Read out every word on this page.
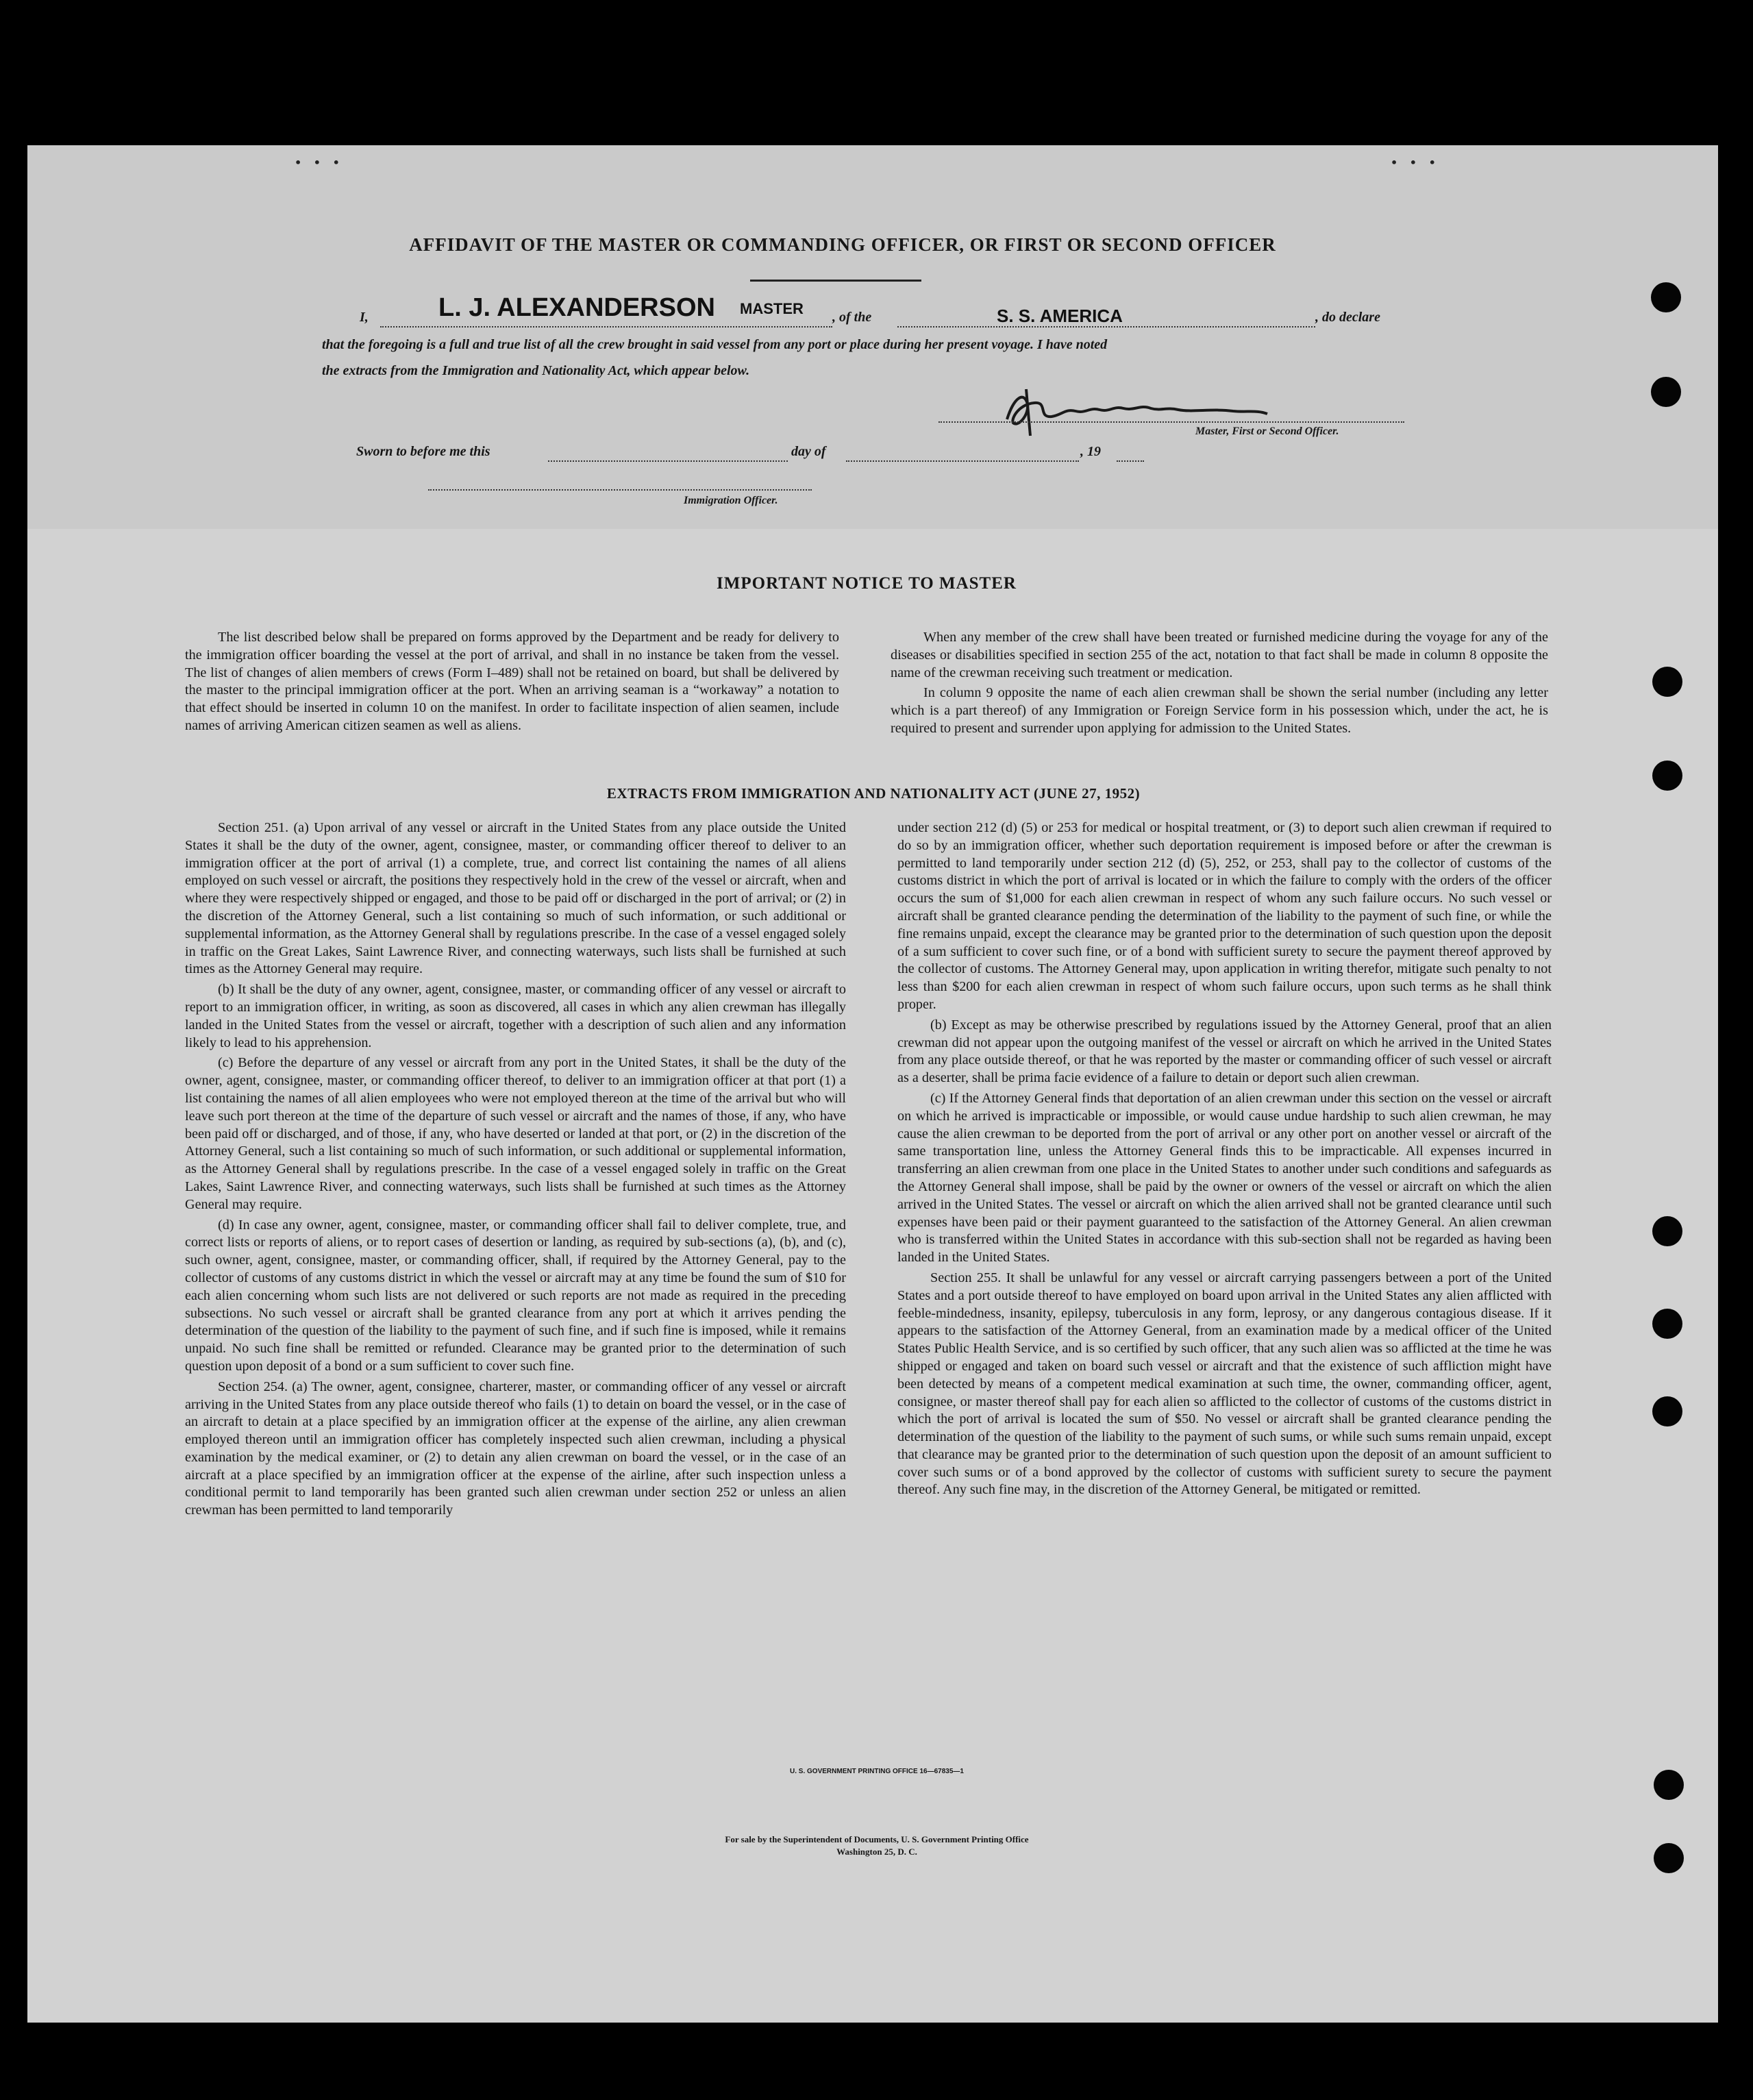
• • •	• • •
AFFIDAVIT OF THE MASTER OR COMMANDING OFFICER, OR FIRST OR SECOND OFFICER
I,	L. J. ALEXANDERSON MASTER , of the	S. S. AMERICA	, do declare
that the foregoing is a full and true list of all the crew brought in said vessel from any port or place during her present voyage. I have noted
the extracts from the Immigration and Nationality Act, which appear below.
Master, First or Second Officer.
Sworn to before me this	day of	, 19
Immigration Officer.
IMPORTANT NOTICE TO MASTER

The list described below shall be prepared on forms approved by the Department and be ready for delivery to the immigration officer boarding the vessel at the port of arrival, and shall in no instance be taken from the vessel. The list of changes of alien members of crews (Form I–489) shall not be retained on board, but shall be delivered by the master to the principal immigration officer at the port. When an arriving seaman is a “workaway” a notation to that effect should be inserted in column 10 on the manifest. In order to facilitate inspection of alien seamen, include names of arriving American citizen seamen as well as aliens.

When any member of the crew shall have been treated or furnished medicine during the voyage for any of the diseases or disabilities specified in section 255 of the act, notation to that fact shall be made in column 8 opposite the name of the crewman receiving such treatment or medication.

In column 9 opposite the name of each alien crewman shall be shown the serial number (including any letter which is a part thereof) of any Immigration or Foreign Service form in his possession which, under the act, he is required to present and surrender upon applying for admission to the United States.

EXTRACTS FROM IMMIGRATION AND NATIONALITY ACT (JUNE 27, 1952)

Section 251. (a) Upon arrival of any vessel or aircraft in the United States from any place outside the United States it shall be the duty of the owner, agent, consignee, master, or commanding officer thereof to deliver to an immigration officer at the port of arrival (1) a complete, true, and correct list containing the names of all aliens employed on such vessel or aircraft, the positions they respectively hold in the crew of the vessel or aircraft, when and where they were respectively shipped or engaged, and those to be paid off or discharged in the port of arrival; or (2) in the discretion of the Attorney General, such a list containing so much of such information, or such additional or supplemental information, as the Attorney General shall by regulations prescribe. In the case of a vessel engaged solely in traffic on the Great Lakes, Saint Lawrence River, and connecting waterways, such lists shall be furnished at such times as the Attorney General may require.

(b) It shall be the duty of any owner, agent, consignee, master, or commanding officer of any vessel or aircraft to report to an immigration officer, in writing, as soon as discovered, all cases in which any alien crewman has illegally landed in the United States from the vessel or aircraft, together with a description of such alien and any information likely to lead to his apprehension.

(c) Before the departure of any vessel or aircraft from any port in the United States, it shall be the duty of the owner, agent, consignee, master, or commanding officer thereof, to deliver to an immigration officer at that port (1) a list containing the names of all alien employees who were not employed thereon at the time of the arrival but who will leave such port thereon at the time of the departure of such vessel or aircraft and the names of those, if any, who have been paid off or discharged, and of those, if any, who have deserted or landed at that port, or (2) in the discretion of the Attorney General, such a list containing so much of such information, or such additional or supplemental information, as the Attorney General shall by regulations prescribe. In the case of a vessel engaged solely in traffic on the Great Lakes, Saint Lawrence River, and connecting waterways, such lists shall be furnished at such times as the Attorney General may require.

(d) In case any owner, agent, consignee, master, or commanding officer shall fail to deliver complete, true, and correct lists or reports of aliens, or to report cases of desertion or landing, as required by sub-sections (a), (b), and (c), such owner, agent, consignee, master, or commanding officer, shall, if required by the Attorney General, pay to the collector of customs of any customs district in which the vessel or aircraft may at any time be found the sum of $10 for each alien concerning whom such lists are not delivered or such reports are not made as required in the preceding subsections. No such vessel or aircraft shall be granted clearance from any port at which it arrives pending the determination of the question of the liability to the payment of such fine, and if such fine is imposed, while it remains unpaid. No such fine shall be remitted or refunded. Clearance may be granted prior to the determination of such question upon deposit of a bond or a sum sufficient to cover such fine.

Section 254. (a) The owner, agent, consignee, charterer, master, or commanding officer of any vessel or aircraft arriving in the United States from any place outside thereof who fails (1) to detain on board the vessel, or in the case of an aircraft to detain at a place specified by an immigration officer at the expense of the airline, any alien crewman employed thereon until an immigration officer has completely inspected such alien crewman, including a physical examination by the medical examiner, or (2) to detain any alien crewman on board the vessel, or in the case of an aircraft at a place specified by an immigration officer at the expense of the airline, after such inspection unless a conditional permit to land temporarily has been granted such alien crewman under section 252 or unless an alien crewman has been permitted to land temporarily

under section 212 (d) (5) or 253 for medical or hospital treatment, or (3) to deport such alien crewman if required to do so by an immigration officer, whether such deportation requirement is imposed before or after the crewman is permitted to land temporarily under section 212 (d) (5), 252, or 253, shall pay to the collector of customs of the customs district in which the port of arrival is located or in which the failure to comply with the orders of the officer occurs the sum of $1,000 for each alien crewman in respect of whom any such failure occurs. No such vessel or aircraft shall be granted clearance pending the determination of the liability to the payment of such fine, or while the fine remains unpaid, except the clearance may be granted prior to the determination of such question upon the deposit of a sum sufficient to cover such fine, or of a bond with sufficient surety to secure the payment thereof approved by the collector of customs. The Attorney General may, upon application in writing therefor, mitigate such penalty to not less than $200 for each alien crewman in respect of whom such failure occurs, upon such terms as he shall think proper.

(b) Except as may be otherwise prescribed by regulations issued by the Attorney General, proof that an alien crewman did not appear upon the outgoing manifest of the vessel or aircraft on which he arrived in the United States from any place outside thereof, or that he was reported by the master or commanding officer of such vessel or aircraft as a deserter, shall be prima facie evidence of a failure to detain or deport such alien crewman.

(c) If the Attorney General finds that deportation of an alien crewman under this section on the vessel or aircraft on which he arrived is impracticable or impossible, or would cause undue hardship to such alien crewman, he may cause the alien crewman to be deported from the port of arrival or any other port on another vessel or aircraft of the same transportation line, unless the Attorney General finds this to be impracticable. All expenses incurred in transferring an alien crewman from one place in the United States to another under such conditions and safeguards as the Attorney General shall impose, shall be paid by the owner or owners of the vessel or aircraft on which the alien arrived in the United States. The vessel or aircraft on which the alien arrived shall not be granted clearance until such expenses have been paid or their payment guaranteed to the satisfaction of the Attorney General. An alien crewman who is transferred within the United States in accordance with this sub-section shall not be regarded as having been landed in the United States.

Section 255. It shall be unlawful for any vessel or aircraft carrying passengers between a port of the United States and a port outside thereof to have employed on board upon arrival in the United States any alien afflicted with feeble-mindedness, insanity, epilepsy, tuberculosis in any form, leprosy, or any dangerous contagious disease. If it appears to the satisfaction of the Attorney General, from an examination made by a medical officer of the United States Public Health Service, and is so certified by such officer, that any such alien was so afflicted at the time he was shipped or engaged and taken on board such vessel or aircraft and that the existence of such affliction might have been detected by means of a competent medical examination at such time, the owner, commanding officer, agent, consignee, or master thereof shall pay for each alien so afflicted to the collector of customs of the customs district in which the port of arrival is located the sum of $50. No vessel or aircraft shall be granted clearance pending the determination of the question of the liability to the payment of such sums, or while such sums remain unpaid, except that clearance may be granted prior to the determination of such question upon the deposit of an amount sufficient to cover such sums or of a bond approved by the collector of customs with sufficient surety to secure the payment thereof. Any such fine may, in the discretion of the Attorney General, be mitigated or remitted.

U. S. GOVERNMENT PRINTING OFFICE 16—67835—1
For sale by the Superintendent of Documents, U. S. Government Printing Office
Washington 25, D. C.
